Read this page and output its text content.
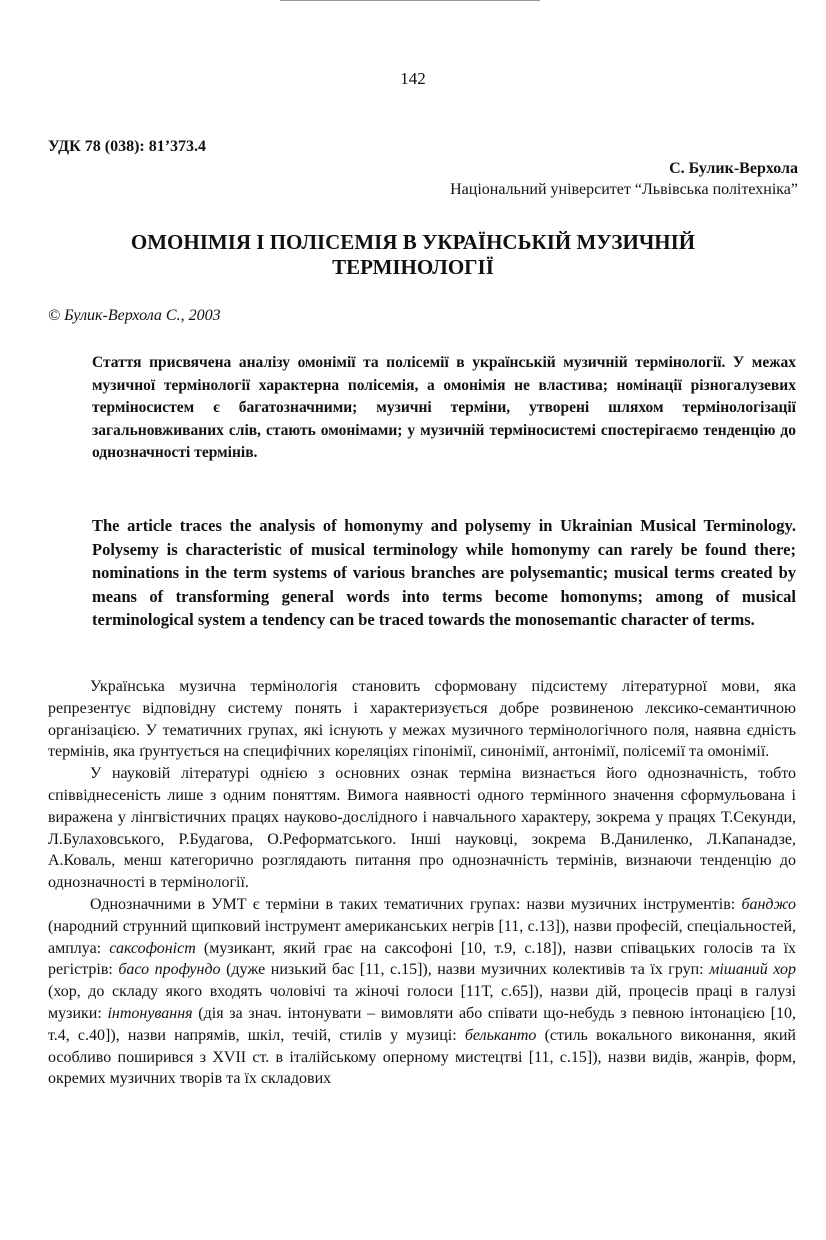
142
УДК 78 (038): 81’373.4
С. Булик-Верхола
Національний університет “Львівська політехніка”
ОМОНІМІЯ І ПОЛІСЕМІЯ В УКРАЇНСЬКІЙ МУЗИЧНІЙ ТЕРМІНОЛОГІЇ
© Булик-Верхола С., 2003
Стаття присвячена аналізу омонімії та полісемії в українській музичній термінології. У межах музичної термінології характерна полісемія, а омонімія не властива; номінації різногалузевих терміносистем є багатозначними; музичні терміни, утворені шляхом термінологізації загальновживаних слів, стають омонімами; у музичній терміносистемі спостерігаємо тенденцію до однозначності термінів.
The article traces the analysis of homonymy and polysemy in Ukrainian Musical Terminology. Polysemy is characteristic of musical terminology while homonymy can rarely be found there; nominations in the term systems of various branches are polysemantic; musical terms created by means of transforming general words into terms become homonyms; among of musical terminological system a tendency can be traced towards the monosemantic character of terms.

Українська музична термінологія становить сформовану підсистему літературної мови, яка репрезентує відповідну систему понять і характеризується добре розвиненою лексико-семантичною організацією. У тематичних групах, які існують у межах музичного термінологічного поля, наявна єдність термінів, яка ґрунтується на специфічних кореляціях гіпонімії, синонімії, антонімії, полісемії та омонімії.

У науковій літературі однією з основних ознак терміна визнається його однозначність, тобто співвіднесеність лише з одним поняттям. Вимога наявності одного термінного значення сформульована і виражена у лінгвістичних працях науково-дослідного і навчального характеру, зокрема у працях Т.Секунди, Л.Булаховського, Р.Будагова, О.Реформатського. Інші науковці, зокрема В.Даниленко, Л.Капанадзе, А.Коваль, менш категорично розглядають питання про однозначність термінів, визнаючи тенденцію до однозначності в термінології.

Однозначними в УМТ є терміни в таких тематичних групах: назви музичних інструментів: банджо (народний струнний щипковий інструмент американських негрів [11, с.13]), назви професій, спеціальностей, амплуа: саксофоніст (музикант, який грає на саксофоні [10, т.9, с.18]), назви співацьких голосів та їх регістрів: басо профундо (дуже низький бас [11, с.15]), назви музичних колективів та їх груп: мішаний хор (хор, до складу якого входять чоловічі та жіночі голоси [11Т, с.65]), назви дій, процесів праці в галузі музики: інтонування (дія за знач. інтонувати – вимовляти або співати що-небудь з певною інтонацією [10, т.4, с.40]), назви напрямів, шкіл, течій, стилів у музиці: бельканто (стиль вокального виконання, який особливо поширився з XVII ст. в італійському оперному мистецтві [11, с.15]), назви видів, жанрів, форм, окремих музичних творів та їх складових
